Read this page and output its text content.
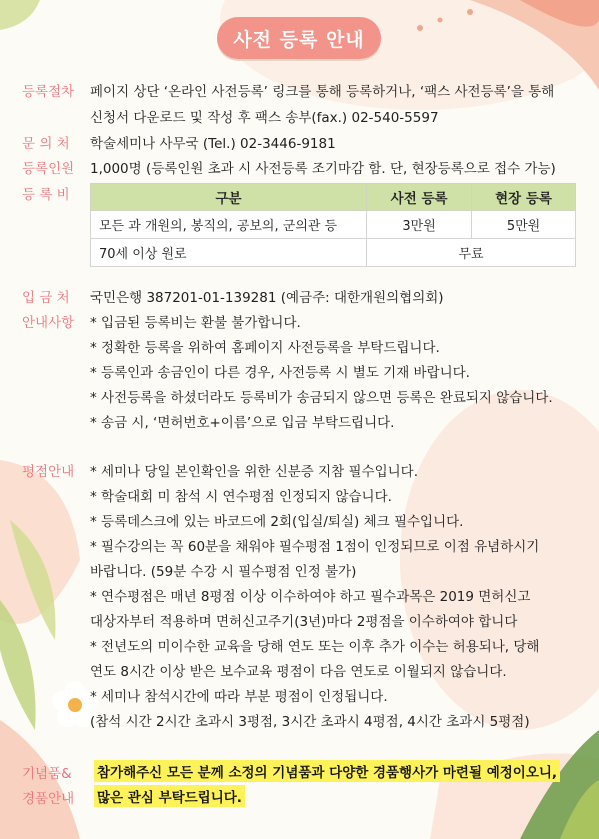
사전 등록 안내
등록절차 페이지 상단 ‘온라인 사전등록’ 링크를 통해 등록하거나, ‘팩스 사전등록’을 통해
신청서 다운로드 및 작성 후 팩스 송부(fax.) 02-540-5597
문 의 처 학술세미나 사무국 (Tel.) 02-3446-9181
등록인원 1,000명 (등록인원 초과 시 사전등록 조기마감 함. 단, 현장등록으로 접수 가능)
등 록 비	구분	사전 등록	현장 등록
모든 과 개원의, 봉직의, 공보의, 군의관 등	3만원	5만원
70세 이상 원로	무료	
입 금 처 국민은행 387201-01-139281 (예금주: 대한개원의협의회)
안내사항 * 입금된 등록비는 환불 불가합니다.
* 정확한 등록을 위하여 홈페이지 사전등록을 부탁드립니다.
* 등록인과 송금인이 다른 경우, 사전등록 시 별도 기재 바랍니다.
* 사전등록을 하셨더라도 등록비가 송금되지 않으면 등록은 완료되지 않습니다.
* 송금 시, ‘면허번호+이름’으로 입금 부탁드립니다.
평점안내 * 세미나 당일 본인확인을 위한 신분증 지참 필수입니다.
* 학술대회 미 참석 시 연수평점 인정되지 않습니다.
* 등록데스크에 있는 바코드에 2회(입실/퇴실) 체크 필수입니다.
* 필수강의는 꼭 60분을 채워야 필수평점 1점이 인정되므로 이점 유념하시기
바랍니다. (59분 수강 시 필수평점 인정 불가)
* 연수평점은 매년 8평점 이상 이수하여야 하고 필수과목은 2019 면허신고
대상자부터 적용하며 면허신고주기(3년)마다 2평점을 이수하여야 합니다
* 전년도의 미이수한 교육을 당해 연도 또는 이후 추가 이수는 허용되나, 당해
연도 8시간 이상 받은 보수교육 평점이 다음 연도로 이월되지 않습니다.
* 세미나 참석시간에 따라 부분 평점이 인정됩니다.
(참석 시간 2시간 초과시 3평점, 3시간 초과시 4평점, 4시간 초과시 5평점)
기념품&
경품안내
참가해주신 모든 분께 소정의 기념품과 다양한 경품행사가 마련될 예정이오니,
많은 관심 부탁드립니다.
